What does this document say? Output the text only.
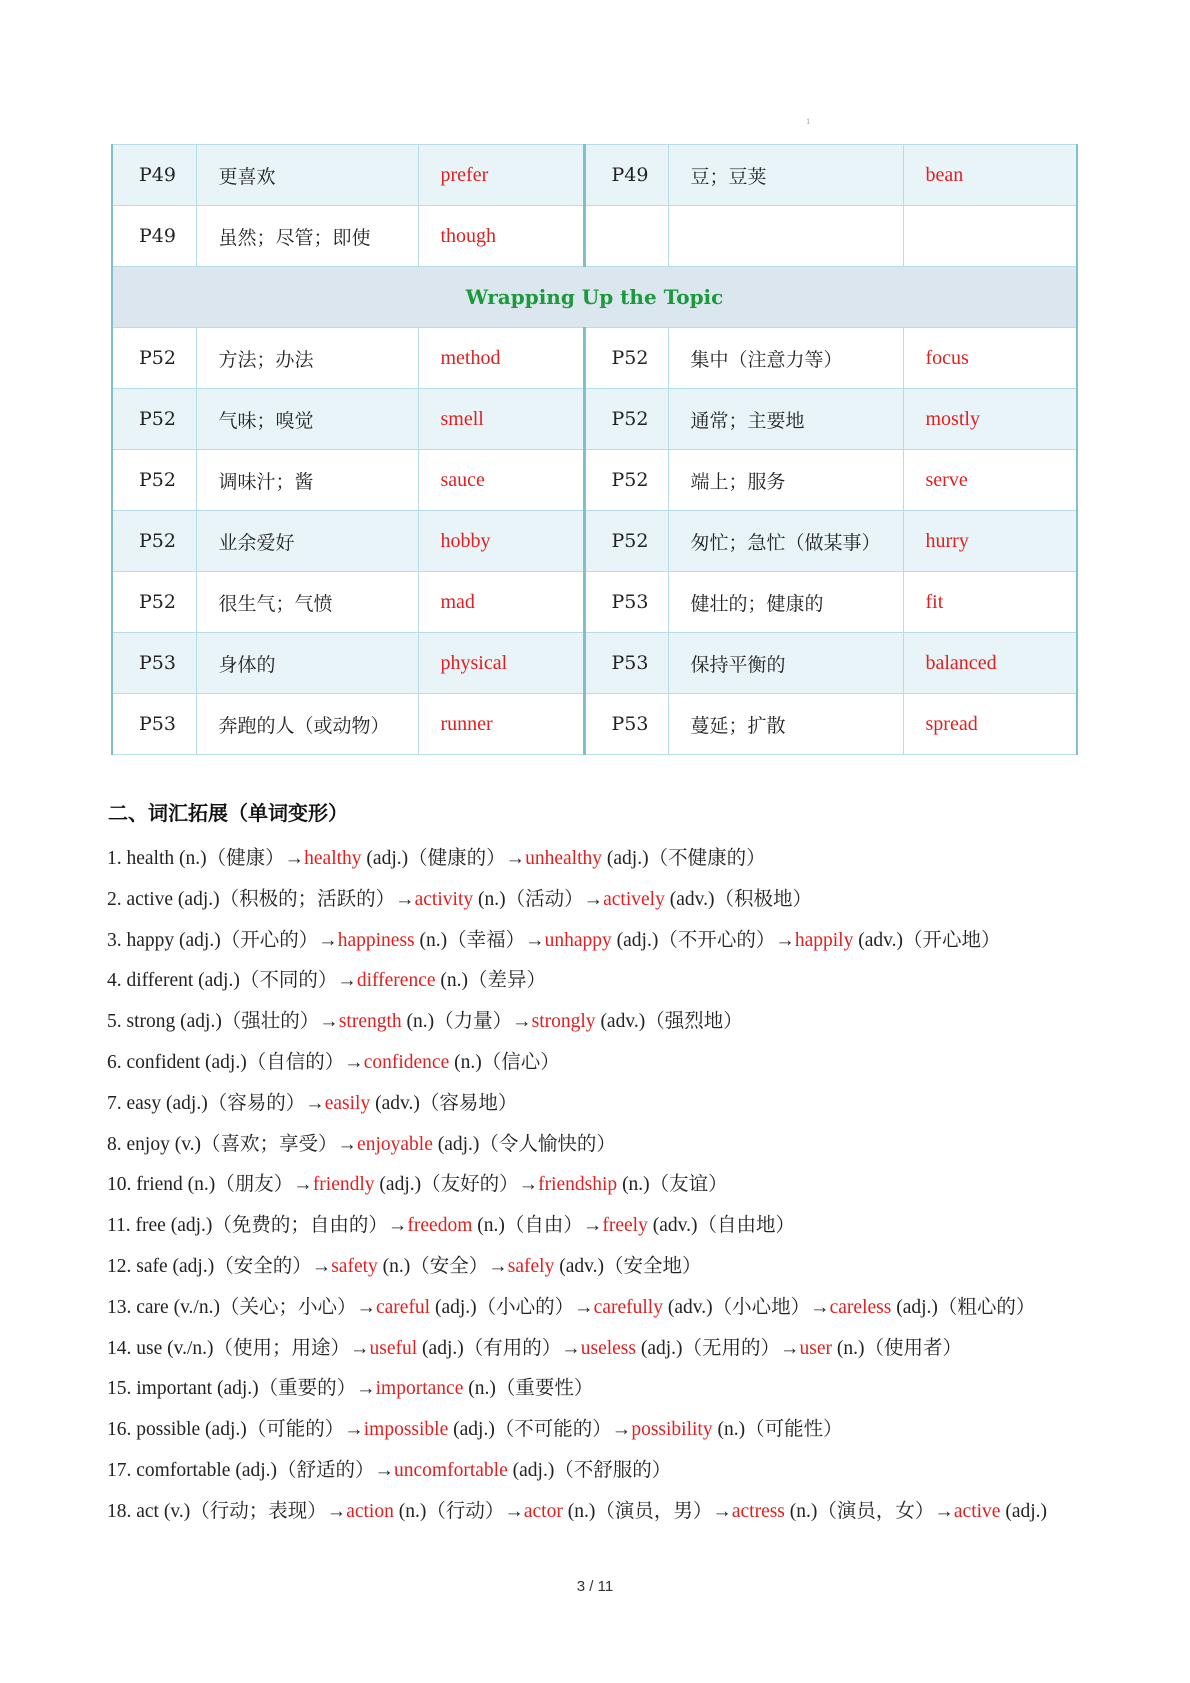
1
P49	更喜欢	prefer	P49	豆；豆荚	bean
P49	虽然；尽管；即使	though			
Wrapping Up the Topic					
P52	方法；办法	method	P52	集中（注意力等）	focus
P52	气味；嗅觉	smell	P52	通常；主要地	mostly
P52	调味汁；酱	sauce	P52	端上；服务	serve
P52	业余爱好	hobby	P52	匆忙；急忙（做某事）	hurry
P52	很生气；气愤	mad	P53	健壮的；健康的	fit
P53	身体的	physical	P53	保持平衡的	balanced
P53	奔跑的人（或动物）	runner	P53	蔓延；扩散	spread
二、词汇拓展（单词变形）
1. health (n.)（健康）→healthy (adj.)（健康的）→unhealthy (adj.)（不健康的）
2. active (adj.)（积极的；活跃的）→activity (n.)（活动）→actively (adv.)（积极地）
3. happy (adj.)（开心的）→happiness (n.)（幸福）→unhappy (adj.)（不开心的）→happily (adv.)（开心地）
4. different (adj.)（不同的）→difference (n.)（差异）
5. strong (adj.)（强壮的）→strength (n.)（力量）→strongly (adv.)（强烈地）
6. confident (adj.)（自信的）→confidence (n.)（信心）
7. easy (adj.)（容易的）→easily (adv.)（容易地）
8. enjoy (v.)（喜欢；享受）→enjoyable (adj.)（令人愉快的）
10. friend (n.)（朋友）→friendly (adj.)（友好的）→friendship (n.)（友谊）
11. free (adj.)（免费的；自由的）→freedom (n.)（自由）→freely (adv.)（自由地）
12. safe (adj.)（安全的）→safety (n.)（安全）→safely (adv.)（安全地）
13. care (v./n.)（关心；小心）→careful (adj.)（小心的）→carefully (adv.)（小心地）→careless (adj.)（粗心的）
14. use (v./n.)（使用；用途）→useful (adj.)（有用的）→useless (adj.)（无用的）→user (n.)（使用者）
15. important (adj.)（重要的）→importance (n.)（重要性）
16. possible (adj.)（可能的）→impossible (adj.)（不可能的）→possibility (n.)（可能性）
17. comfortable (adj.)（舒适的）→uncomfortable (adj.)（不舒服的）
18. act (v.)（行动；表现）→action (n.)（行动）→actor (n.)（演员，男）→actress (n.)（演员，女）→active (adj.)
3 / 11
